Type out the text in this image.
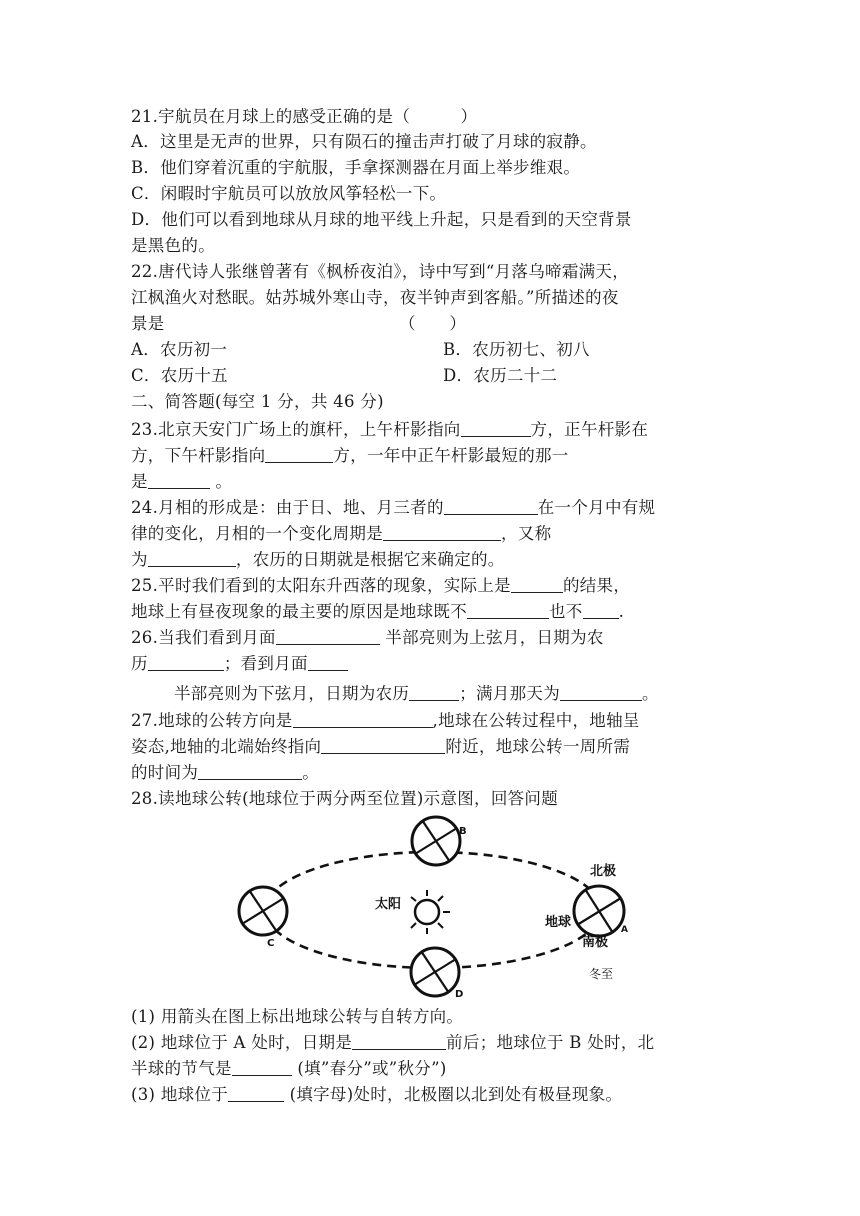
21.宇航员在月球上的感受正确的是（　　　）
A．这里是无声的世界，只有陨石的撞击声打破了月球的寂静。
B．他们穿着沉重的宇航服，手拿探测器在月面上举步维艰。
C．闲暇时宇航员可以放放风筝轻松一下。
D．他们可以看到地球从月球的地平线上升起，只是看到的天空背景
是黑色的。
22.唐代诗人张继曾著有《枫桥夜泊》，诗中写到“月落乌啼霜满天，
江枫渔火对愁眠。姑苏城外寒山寺，夜半钟声到客船。”所描述的夜
景是	（　　）
A．农历初一	B．农历初七、初八
C．农历十五	D．农历二十二
二、简答题(每空 1 分，共 46 分)
23.北京天安门广场上的旗杆，上午杆影指向	方，正午杆影在
方，下午杆影指向	方，一年中正午杆影最短的那一
是	。
24.月相的形成是：由于日、地、月三者的	在一个月中有规
律的变化，月相的一个变化周期是	，又称
为	，农历的日期就是根据它来确定的。
25.平时我们看到的太阳东升西落的现象，实际上是	的结果，
地球上有昼夜现象的最主要的原因是地球既不	也不 .
26.当我们看到月面	半部亮则为上弦月，日期为农
历	；看到月面
半部亮则为下弦月，日期为农历	；满月那天为	。
27.地球的公转方向是	,地球在公转过程中，地轴呈
姿态,地轴的北端始终指向	附近，地球公转一周所需
的时间为	。
28.读地球公转(地球位于两分两至位置)示意图，回答问题
太阳
B
C
D
北极
地球
南极
A
冬至
(1) 用箭头在图上标出地球公转与自转方向。
(2) 地球位于 A 处时，日期是	前后；地球位于 B 处时，北
半球的节气是	(填”春分”或”秋分”)
(3) 地球位于	(填字母)处时，北极圈以北到处有极昼现象。
